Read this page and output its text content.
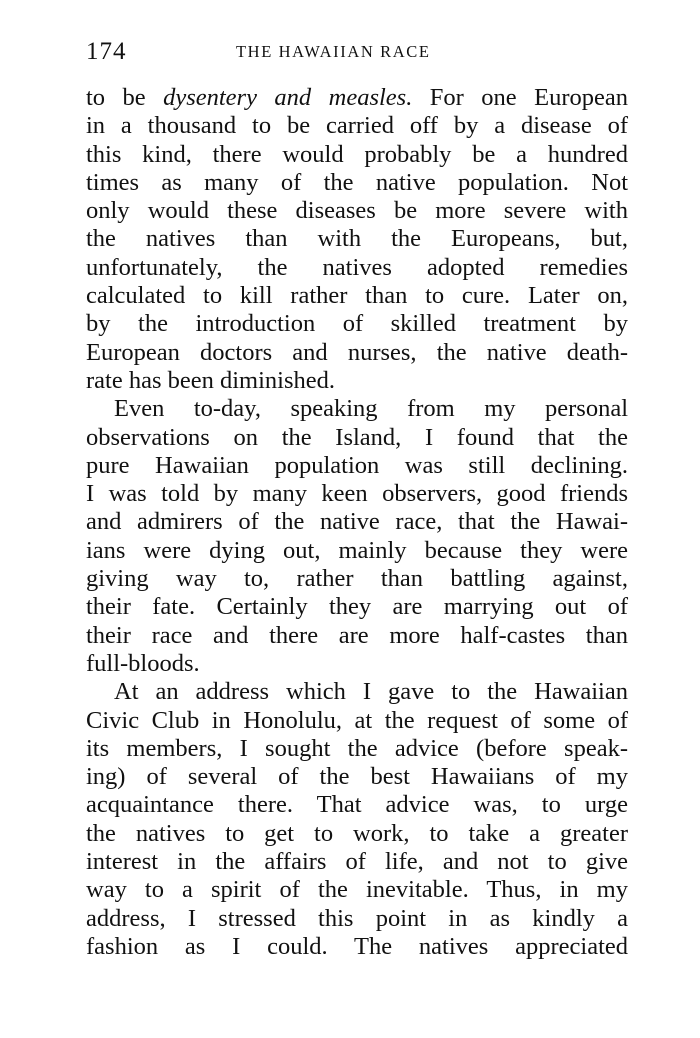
174	THE HAWAIIAN RACE
to be dysentery and measles. For one European
in a thousand to be carried off by a disease of
this kind, there would probably be a hundred
times as many of the native population. Not
only would these diseases be more severe with
the natives than with the Europeans, but,
unfortunately, the natives adopted remedies
calculated to kill rather than to cure. Later on,
by the introduction of skilled treatment by
European doctors and nurses, the native death-
rate has been diminished.
Even to-day, speaking from my personal
observations on the Island, I found that the
pure Hawaiian population was still declining.
I was told by many keen observers, good friends
and admirers of the native race, that the Hawai-
ians were dying out, mainly because they were
giving way to, rather than battling against,
their fate. Certainly they are marrying out of
their race and there are more half-castes than
full-bloods.
At an address which I gave to the Hawaiian
Civic Club in Honolulu, at the request of some of
its members, I sought the advice (before speak-
ing) of several of the best Hawaiians of my
acquaintance there. That advice was, to urge
the natives to get to work, to take a greater
interest in the affairs of life, and not to give
way to a spirit of the inevitable. Thus, in my
address, I stressed this point in as kindly a
fashion as I could. The natives appreciated
